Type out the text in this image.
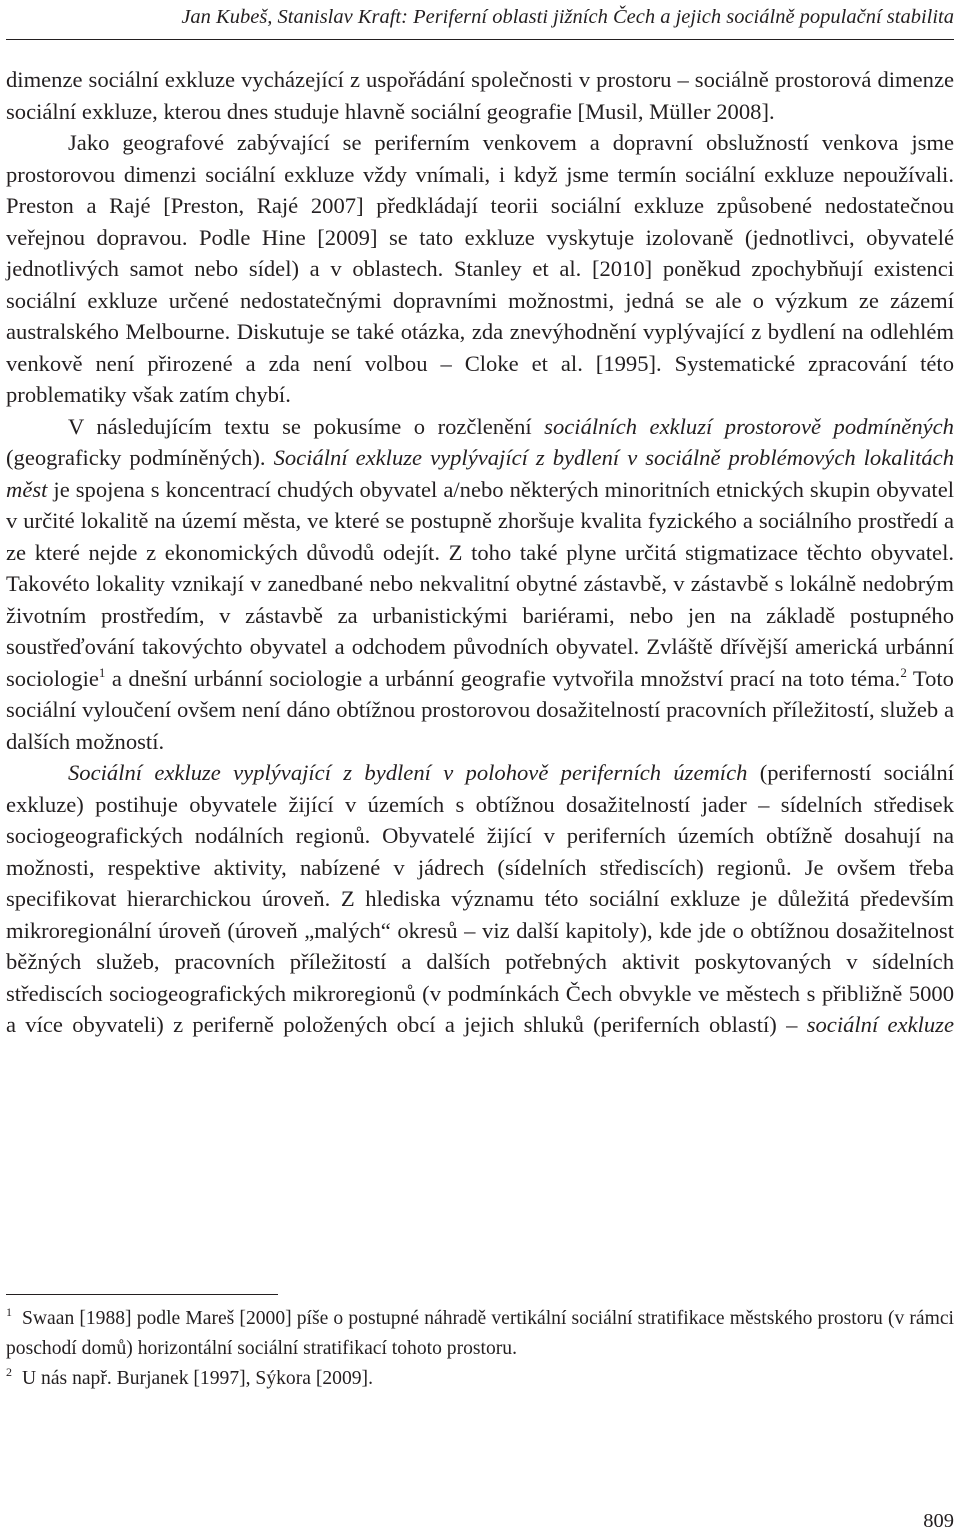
Jan Kubeš, Stanislav Kraft: Periferní oblasti jižních Čech a jejich sociálně populační stabilita

dimenze sociální exkluze vycházející z uspořádání společnosti v prostoru – sociálně prostorová dimenze sociální exkluze, kterou dnes studuje hlavně sociální geografie [Musil, Müller 2008].

Jako geografové zabývající se periferním venkovem a dopravní obslužností venkova jsme prostorovou dimenzi sociální exkluze vždy vnímali, i když jsme termín sociální exkluze nepoužívali. Preston a Rajé [Preston, Rajé 2007] předkládají teorii sociální exkluze způsobené nedostatečnou veřejnou dopravou. Podle Hine [2009] se tato exkluze vyskytuje izolovaně (jednotlivci, obyvatelé jednotlivých samot nebo sídel) a v oblastech. Stanley et al. [2010] poněkud zpochybňují existenci sociální exkluze určené nedostatečnými dopravními možnostmi, jedná se ale o výzkum ze zázemí australského Melbourne. Diskutuje se také otázka, zda znevýhodnění vyplývající z bydlení na odlehlém venkově není přirozené a zda není volbou – Cloke et al. [1995]. Systematické zpracování této problematiky však zatím chybí.

V následujícím textu se pokusíme o rozčlenění sociálních exkluzí prostorově podmíněných (geograficky podmíněných). Sociální exkluze vyplývající z bydlení v sociálně problémových lokalitách měst je spojena s koncentrací chudých obyvatel a/nebo některých minoritních etnických skupin obyvatel v určité lokalitě na území města, ve které se postupně zhoršuje kvalita fyzického a sociálního prostředí a ze které nejde z ekonomických důvodů odejít. Z toho také plyne určitá stigmatizace těchto obyvatel. Takovéto lokality vznikají v zanedbané nebo nekvalitní obytné zástavbě, v zástavbě s lokálně nedobrým životním prostředím, v zástavbě za urbanistickými bariérami, nebo jen na základě postupného soustřeďování takovýchto obyvatel a odchodem původních obyvatel. Zvláště dřívější americká urbánní sociologie$^1$ a dnešní urbánní sociologie a urbánní geografie vytvořila množství prací na toto téma.$^2$ Toto sociální vyloučení ovšem není dáno obtížnou prostorovou dosažitelností pracovních příležitostí, služeb a dalších možností.

Sociální exkluze vyplývající z bydlení v polohově periferních územích (periferností sociální exkluze) postihuje obyvatele žijící v územích s obtížnou dosažitelností jader – sídelních středisek sociogeografických nodálních regionů. Obyvatelé žijící v periferních územích obtížně dosahují na možnosti, respektive aktivity, nabízené v jádrech (sídelních střediscích) regionů. Je ovšem třeba specifikovat hierarchickou úroveň. Z hlediska významu této sociální exkluze je důležitá především mikroregionální úroveň (úroveň „malých“ okresů – viz další kapitoly), kde jde o obtížnou dosažitelnost běžných služeb, pracovních příležitostí a dalších potřebných aktivit poskytovaných v sídelních střediscích sociogeografických mikroregionů (v podmínkách Čech obvykle ve městech s přibližně 5000 a více obyvateli) z periferně položených obcí a jejich shluků (periferních oblastí) – sociální exkluze

$^1$ Swaan [1988] podle Mareš [2000] píše o postupné náhradě vertikální sociální stratifikace městského prostoru (v rámci poschodí domů) horizontální sociální stratifikací tohoto prostoru.

$^2$ U nás např. Burjanek [1997], Sýkora [2009].

809
